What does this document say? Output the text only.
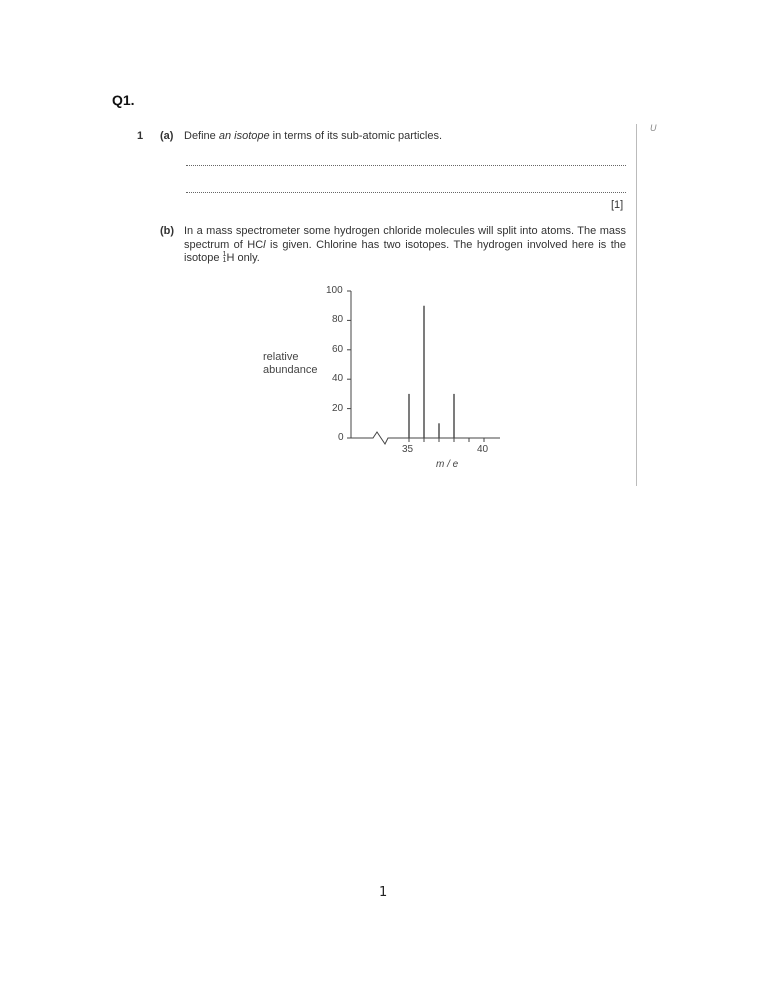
Q1.
1 (a) Define an isotope in terms of its sub-atomic particles.
[1]
U
(b) In a mass spectrometer some hydrogen chloride molecules will split into atoms. The mass spectrum of HCl is given. Chlorine has two isotopes. The hydrogen involved here is the isotope 1
1 H only.
relative
abundance
100
80
60
40
20
0
35	40
m / e
1
